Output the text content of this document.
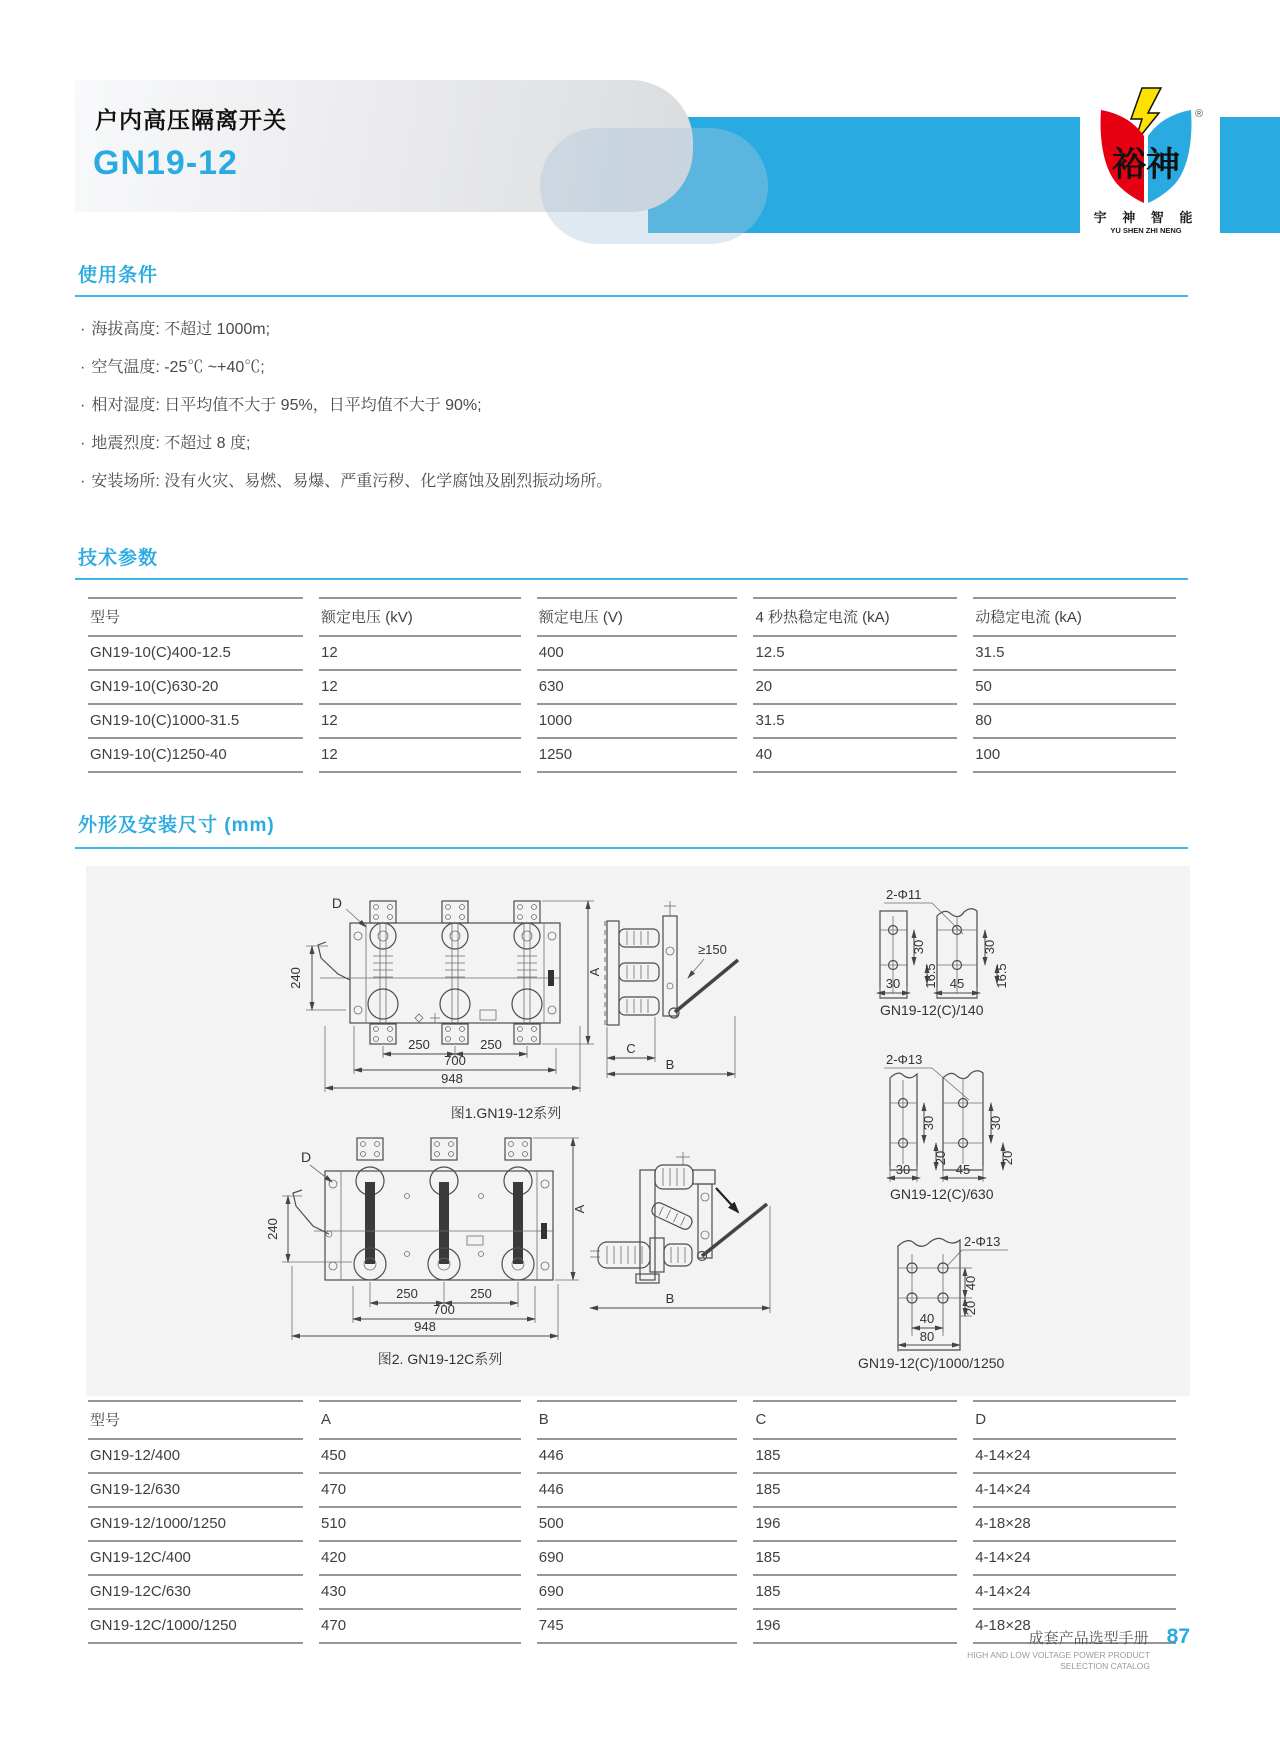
户内高压隔离开关
GN19-12	裕神
®
宇 神 智 能
YU SHEN ZHI NENG
使用条件
· 海拔高度: 不超过 1000m;
· 空气温度: -25℃ ~+40℃;
· 相对湿度: 日平均值不大于 95%，日平均值不大于 90%;
· 地震烈度: 不超过 8 度;
· 安装场所: 没有火灾、易燃、易爆、严重污秽、化学腐蚀及剧烈振动场所。
技术参数
型号	额定电压 (kV)	额定电压 (V)	4 秒热稳定电流 (kA)	动稳定电流 (kA)
GN19-10(C)400-12.5	12	400	12.5	31.5
GN19-10(C)630-20	12	630	20	50
GN19-10(C)1000-31.5	12	1000	31.5	80
GN19-10(C)1250-40	12	1250	40	100
外形及安装尺寸 (mm)
D
240	A
250	250
700
948
图1.GN19-12系列
≥150
C
B
D
240
A
250	250
700
948
图2. GN19-12C系列
B
2-Φ11
30
16.5
30
30
16.5
45
GN19-12(C)/140
2-Φ13
30
20
30
30
20
45
GN19-12(C)/630
2-Φ13
40
20
40
80
GN19-12(C)/1000/1250
型号	A	B	C	D
GN19-12/400	450	446	185	4-14×24
GN19-12/630	470	446	185	4-14×24
GN19-12/1000/1250	510	500	196	4-18×28
GN19-12C/400	420	690	185	4-14×24
GN19-12C/630	430	690	185	4-14×24
GN19-12C/1000/1250	470	745	196	4-18×28
成套产品选型手册 87
HIGH AND LOW VOLTAGE POWER PRODUCT
SELECTION CATALOG
